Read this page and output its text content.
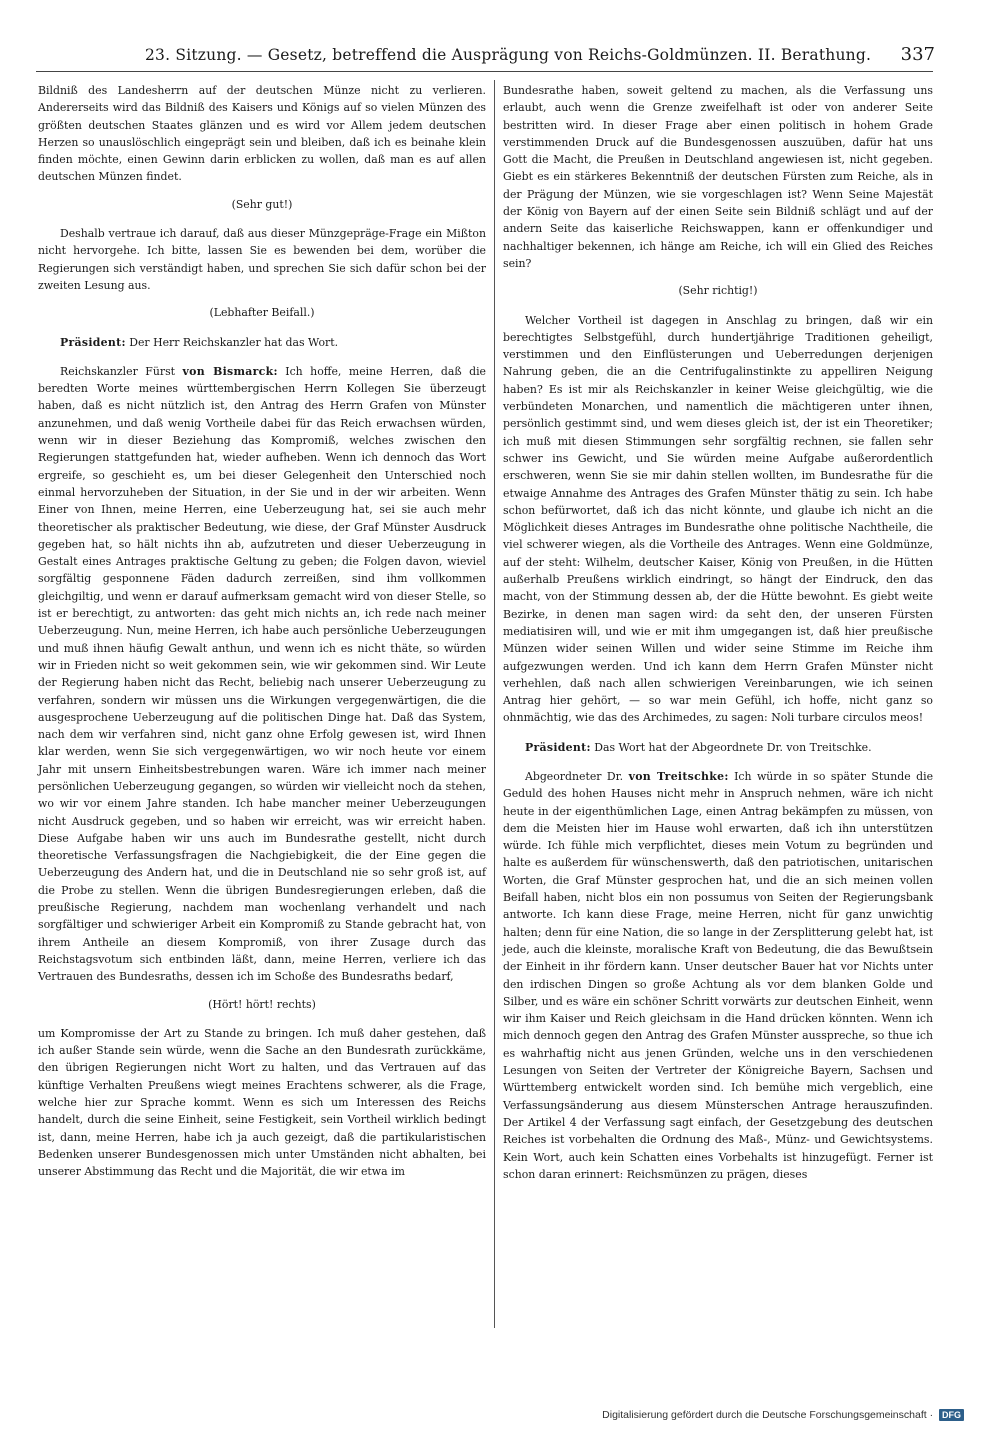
23. Sitzung. — Gesetz, betreffend die Ausprägung von Reichs-Goldmünzen. II. Berathung. 337

Bildniß des Landesherrn auf der deutschen Münze nicht zu verlieren. Andererseits wird das Bildniß des Kaisers und Königs auf so vielen Münzen des größten deutschen Staates glänzen und es wird vor Allem jedem deutschen Herzen so unauslöschlich eingeprägt sein und bleiben, daß ich es beinahe klein finden möchte, einen Gewinn darin erblicken zu wollen, daß man es auf allen deutschen Münzen findet.

(Sehr gut!)

Deshalb vertraue ich darauf, daß aus dieser Münzgepräge-Frage ein Mißton nicht hervorgehe. Ich bitte, lassen Sie es bewenden bei dem, worüber die Regierungen sich verständigt haben, und sprechen Sie sich dafür schon bei der zweiten Lesung aus.

(Lebhafter Beifall.)

Präsident: Der Herr Reichskanzler hat das Wort.

Reichskanzler Fürst von Bismarck: Ich hoffe, meine Herren, daß die beredten Worte meines württembergischen Herrn Kollegen Sie überzeugt haben, daß es nicht nützlich ist, den Antrag des Herrn Grafen von Münster anzunehmen, und daß wenig Vortheile dabei für das Reich erwachsen würden, wenn wir in dieser Beziehung das Kompromiß, welches zwischen den Regierungen stattgefunden hat, wieder aufheben. Wenn ich dennoch das Wort ergreife, so geschieht es, um bei dieser Gelegenheit den Unterschied noch einmal hervorzuheben der Situation, in der Sie und in der wir arbeiten. Wenn Einer von Ihnen, meine Herren, eine Ueberzeugung hat, sei sie auch mehr theoretischer als praktischer Bedeutung, wie diese, der Graf Münster Ausdruck gegeben hat, so hält nichts ihn ab, aufzutreten und dieser Ueberzeugung in Gestalt eines Antrages praktische Geltung zu geben; die Folgen davon, wieviel sorgfältig gesponnene Fäden dadurch zerreißen, sind ihm vollkommen gleichgiltig, und wenn er darauf aufmerksam gemacht wird von dieser Stelle, so ist er berechtigt, zu antworten: das geht mich nichts an, ich rede nach meiner Ueberzeugung. Nun, meine Herren, ich habe auch persönliche Ueberzeugungen und muß ihnen häufig Gewalt anthun, und wenn ich es nicht thäte, so würden wir in Frieden nicht so weit gekommen sein, wie wir gekommen sind. Wir Leute der Regierung haben nicht das Recht, beliebig nach unserer Ueberzeugung zu verfahren, sondern wir müssen uns die Wirkungen vergegenwärtigen, die die ausgesprochene Ueberzeugung auf die politischen Dinge hat. Daß das System, nach dem wir verfahren sind, nicht ganz ohne Erfolg gewesen ist, wird Ihnen klar werden, wenn Sie sich vergegenwärtigen, wo wir noch heute vor einem Jahr mit unsern Einheitsbestrebungen waren. Wäre ich immer nach meiner persönlichen Ueberzeugung gegangen, so würden wir vielleicht noch da stehen, wo wir vor einem Jahre standen. Ich habe mancher meiner Ueberzeugungen nicht Ausdruck gegeben, und so haben wir erreicht, was wir erreicht haben. Diese Aufgabe haben wir uns auch im Bundesrathe gestellt, nicht durch theoretische Verfassungsfragen die Nachgiebigkeit, die der Eine gegen die Ueberzeugung des Andern hat, und die in Deutschland nie so sehr groß ist, auf die Probe zu stellen. Wenn die übrigen Bundesregierungen erleben, daß die preußische Regierung, nachdem man wochenlang verhandelt und nach sorgfältiger und schwieriger Arbeit ein Kompromiß zu Stande gebracht hat, von ihrem Antheile an diesem Kompromiß, von ihrer Zusage durch das Reichstagsvotum sich entbinden läßt, dann, meine Herren, verliere ich das Vertrauen des Bundesraths, dessen ich im Schoße des Bundesraths bedarf,

(Hört! hört! rechts)

um Kompromisse der Art zu Stande zu bringen. Ich muß daher gestehen, daß ich außer Stande sein würde, wenn die Sache an den Bundesrath zurückkäme, den übrigen Regierungen nicht Wort zu halten, und das Vertrauen auf das künftige Verhalten Preußens wiegt meines Erachtens schwerer, als die Frage, welche hier zur Sprache kommt. Wenn es sich um Interessen des Reichs handelt, durch die seine Einheit, seine Festigkeit, sein Vortheil wirklich bedingt ist, dann, meine Herren, habe ich ja auch gezeigt, daß die partikularistischen Bedenken unserer Bundesgenossen mich unter Umständen nicht abhalten, bei unserer Abstimmung das Recht und die Majorität, die wir etwa im

Bundesrathe haben, soweit geltend zu machen, als die Verfassung uns erlaubt, auch wenn die Grenze zweifelhaft ist oder von anderer Seite bestritten wird. In dieser Frage aber einen politisch in hohem Grade verstimmenden Druck auf die Bundesgenossen auszuüben, dafür hat uns Gott die Macht, die Preußen in Deutschland angewiesen ist, nicht gegeben. Giebt es ein stärkeres Bekenntniß der deutschen Fürsten zum Reiche, als in der Prägung der Münzen, wie sie vorgeschlagen ist? Wenn Seine Majestät der König von Bayern auf der einen Seite sein Bildniß schlägt und auf der andern Seite das kaiserliche Reichswappen, kann er offenkundiger und nachhaltiger bekennen, ich hänge am Reiche, ich will ein Glied des Reiches sein?

(Sehr richtig!)

Welcher Vortheil ist dagegen in Anschlag zu bringen, daß wir ein berechtigtes Selbstgefühl, durch hundertjährige Traditionen geheiligt, verstimmen und den Einflüsterungen und Ueberredungen derjenigen Nahrung geben, die an die Centrifugalinstinkte zu appelliren Neigung haben? Es ist mir als Reichskanzler in keiner Weise gleichgültig, wie die verbündeten Monarchen, und namentlich die mächtigeren unter ihnen, persönlich gestimmt sind, und wem dieses gleich ist, der ist ein Theoretiker; ich muß mit diesen Stimmungen sehr sorgfältig rechnen, sie fallen sehr schwer ins Gewicht, und Sie würden meine Aufgabe außerordentlich erschweren, wenn Sie sie mir dahin stellen wollten, im Bundesrathe für die etwaige Annahme des Antrages des Grafen Münster thätig zu sein. Ich habe schon befürwortet, daß ich das nicht könnte, und glaube ich nicht an die Möglichkeit dieses Antrages im Bundesrathe ohne politische Nachtheile, die viel schwerer wiegen, als die Vortheile des Antrages. Wenn eine Goldmünze, auf der steht: Wilhelm, deutscher Kaiser, König von Preußen, in die Hütten außerhalb Preußens wirklich eindringt, so hängt der Eindruck, den das macht, von der Stimmung dessen ab, der die Hütte bewohnt. Es giebt weite Bezirke, in denen man sagen wird: da seht den, der unseren Fürsten mediatisiren will, und wie er mit ihm umgegangen ist, daß hier preußische Münzen wider seinen Willen und wider seine Stimme im Reiche ihm aufgezwungen werden. Und ich kann dem Herrn Grafen Münster nicht verhehlen, daß nach allen schwierigen Vereinbarungen, wie ich seinen Antrag hier gehört, — so war mein Gefühl, ich hoffe, nicht ganz so ohnmächtig, wie das des Archimedes, zu sagen: Noli turbare circulos meos!

Präsident: Das Wort hat der Abgeordnete Dr. von Treitschke.

Abgeordneter Dr. von Treitschke: Ich würde in so später Stunde die Geduld des hohen Hauses nicht mehr in Anspruch nehmen, wäre ich nicht heute in der eigenthümlichen Lage, einen Antrag bekämpfen zu müssen, von dem die Meisten hier im Hause wohl erwarten, daß ich ihn unterstützen würde. Ich fühle mich verpflichtet, dieses mein Votum zu begründen und halte es außerdem für wünschenswerth, daß den patriotischen, unitarischen Worten, die Graf Münster gesprochen hat, und die an sich meinen vollen Beifall haben, nicht blos ein non possumus von Seiten der Regierungsbank antworte. Ich kann diese Frage, meine Herren, nicht für ganz unwichtig halten; denn für eine Nation, die so lange in der Zersplitterung gelebt hat, ist jede, auch die kleinste, moralische Kraft von Bedeutung, die das Bewußtsein der Einheit in ihr fördern kann. Unser deutscher Bauer hat vor Nichts unter den irdischen Dingen so große Achtung als vor dem blanken Golde und Silber, und es wäre ein schöner Schritt vorwärts zur deutschen Einheit, wenn wir ihm Kaiser und Reich gleichsam in die Hand drücken könnten. Wenn ich mich dennoch gegen den Antrag des Grafen Münster ausspreche, so thue ich es wahrhaftig nicht aus jenen Gründen, welche uns in den verschiedenen Lesungen von Seiten der Vertreter der Königreiche Bayern, Sachsen und Württemberg entwickelt worden sind. Ich bemühe mich vergeblich, eine Verfassungsänderung aus diesem Münsterschen Antrage herauszufinden. Der Artikel 4 der Verfassung sagt einfach, der Gesetzgebung des deutschen Reiches ist vorbehalten die Ordnung des Maß-, Münz- und Gewichtsystems. Kein Wort, auch kein Schatten eines Vorbehalts ist hinzugefügt. Ferner ist schon daran erinnert: Reichsmünzen zu prägen, dieses

Digitalisierung gefördert durch die Deutsche Forschungsgemeinschaft · DFG
